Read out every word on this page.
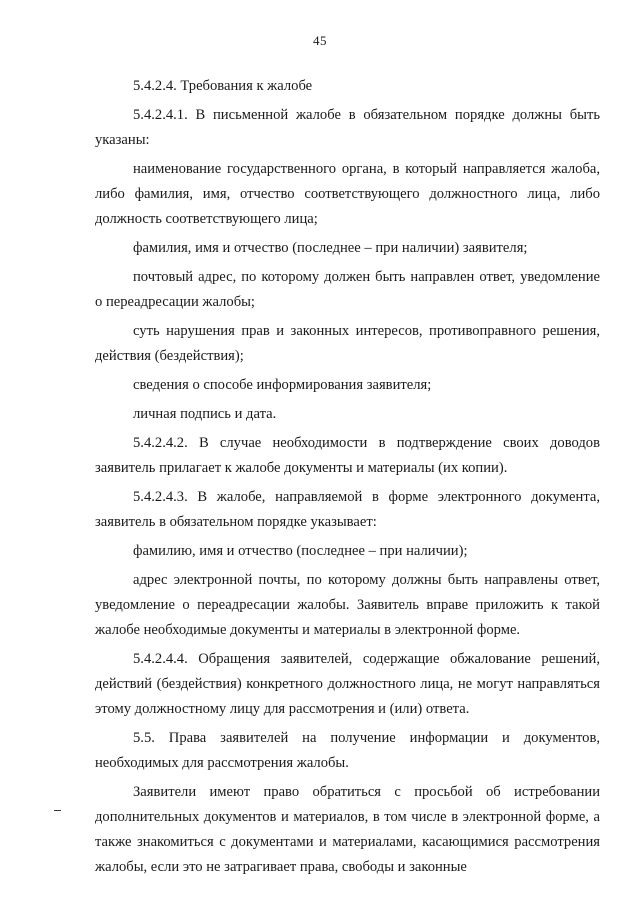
45

5.4.2.4. Требования к жалобе

5.4.2.4.1. В письменной жалобе в обязательном порядке должны быть указаны:

наименование государственного органа, в который направляется жалоба, либо фамилия, имя, отчество соответствующего должностного лица, либо должность соответствующего лица;

фамилия, имя и отчество (последнее – при наличии) заявителя;

почтовый адрес, по которому должен быть направлен ответ, уведомление о переадресации жалобы;

суть нарушения прав и законных интересов, противоправного решения, действия (бездействия);

сведения о способе информирования заявителя;

личная подпись и дата.

5.4.2.4.2. В случае необходимости в подтверждение своих доводов заявитель прилагает к жалобе документы и материалы (их копии).

5.4.2.4.3. В жалобе, направляемой в форме электронного документа, заявитель в обязательном порядке указывает:

фамилию, имя и отчество (последнее – при наличии);

адрес электронной почты, по которому должны быть направлены ответ, уведомление о переадресации жалобы. Заявитель вправе приложить к такой жалобе необходимые документы и материалы в электронной форме.

5.4.2.4.4. Обращения заявителей, содержащие обжалование решений, действий (бездействия) конкретного должностного лица, не могут направляться этому должностному лицу для рассмотрения и (или) ответа.

5.5. Права заявителей на получение информации и документов, необходимых для рассмотрения жалобы.

Заявители имеют право обратиться с просьбой об истребовании дополнительных документов и материалов, в том числе в электронной форме, а также знакомиться с документами и материалами, касающимися рассмотрения жалобы, если это не затрагивает права, свободы и законные
